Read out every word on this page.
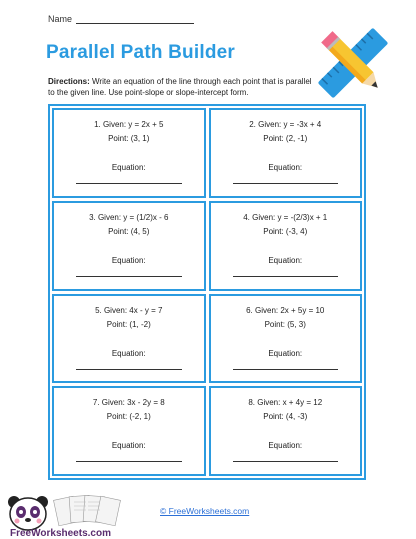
Name
Parallel Path Builder
Directions: Write an equation of the line through each point that is parallel to the given line. Use point-slope or slope-intercept form.
1. Given: y = 2x + 5
Point: (3, 1)
Equation:
2. Given: y = -3x + 4
Point: (2, -1)
Equation:
3. Given: y = (1/2)x - 6
Point: (4, 5)
Equation:
4. Given: y = -(2/3)x + 1
Point: (-3, 4)
Equation:
5. Given: 4x - y = 7
Point: (1, -2)
Equation:
6. Given: 2x + 5y = 10
Point: (5, 3)
Equation:
7. Given: 3x - 2y = 8
Point: (-2, 1)
Equation:
8. Given: x + 4y = 12
Point: (4, -3)
Equation:
FreeWorksheets.com
© FreeWorksheets.com
